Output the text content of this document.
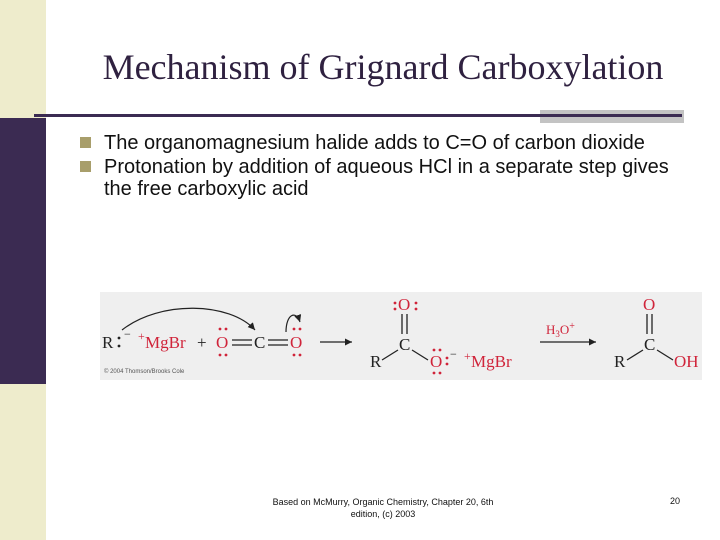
Mechanism of Grignard Carboxylation
The organomagnesium halide adds to C=O of carbon dioxide
Protonation by addition of aqueous HCl in a separate step gives the free carboxylic acid
R − + MgBr + O C O
O
C
R	O − + MgBr
$H_3O^+$
O
C
R	OH
© 2004 Thomson/Brooks Cole
Based on McMurry, Organic Chemistry, Chapter 20, 6th edition, (c) 2003
20
